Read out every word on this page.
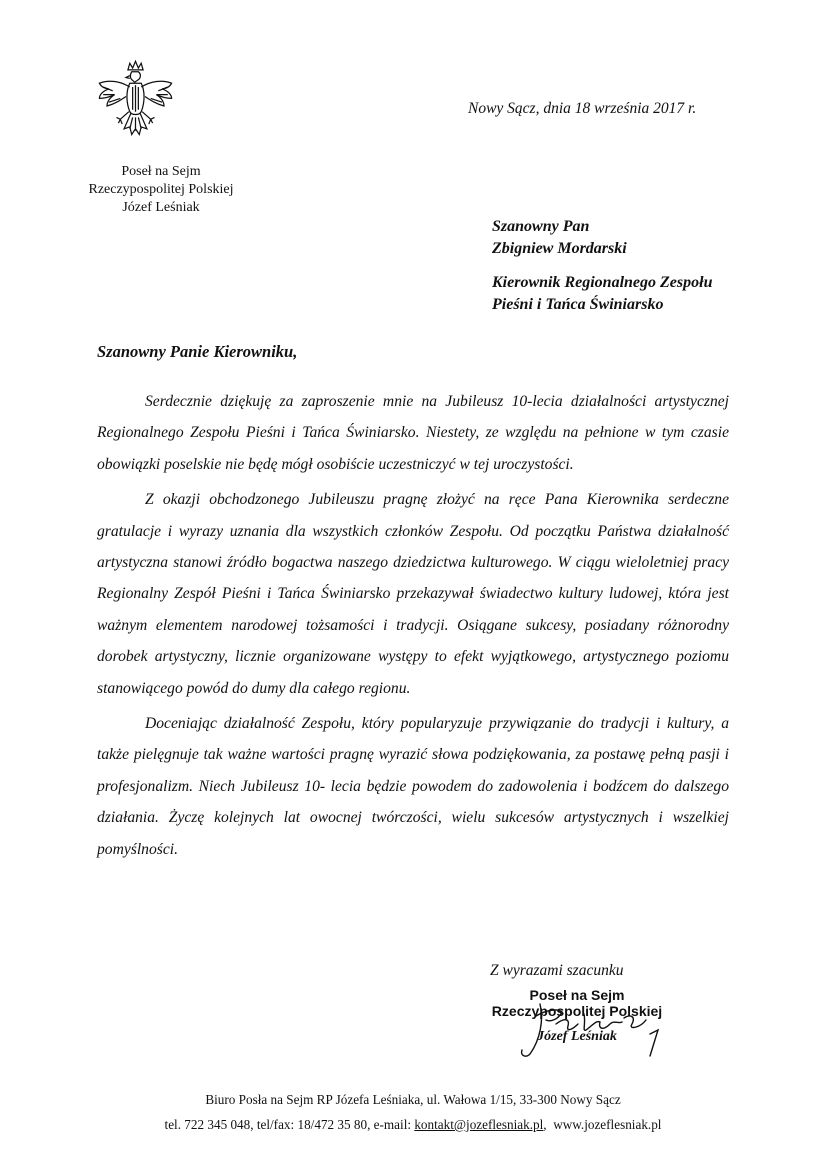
Poseł na Sejm
Rzeczypospolitej Polskiej
Józef Leśniak
Nowy Sącz, dnia 18 września 2017 r.
Szanowny Pan
Zbigniew Mordarski
Kierownik Regionalnego Zespołu
Pieśni i Tańca Świniarsko
Szanowny Panie Kierowniku,

Serdecznie dziękuję za zaproszenie mnie na Jubileusz 10-lecia działalności artystycznej Regionalnego Zespołu Pieśni i Tańca Świniarsko. Niestety, ze względu na pełnione w tym czasie obowiązki poselskie nie będę mógł osobiście uczestniczyć w tej uroczystości.

Z okazji obchodzonego Jubileuszu pragnę złożyć na ręce Pana Kierownika serdeczne gratulacje i wyrazy uznania dla wszystkich członków Zespołu. Od początku Państwa działalność artystyczna stanowi źródło bogactwa naszego dziedzictwa kulturowego. W ciągu wieloletniej pracy Regionalny Zespół Pieśni i Tańca Świniarsko przekazywał świadectwo kultury ludowej, która jest ważnym elementem narodowej tożsamości i tradycji. Osiągane sukcesy, posiadany różnorodny dorobek artystyczny, licznie organizowane występy to efekt wyjątkowego, artystycznego poziomu stanowiącego powód do dumy dla całego regionu.

Doceniając działalność Zespołu, który popularyzuje przywiązanie do tradycji i kultury, a także pielęgnuje tak ważne wartości pragnę wyrazić słowa podziękowania, za postawę pełną pasji i profesjonalizm. Niech Jubileusz 10- lecia będzie powodem do zadowolenia i bodźcem do dalszego działania. Życzę kolejnych lat owocnej twórczości, wielu sukcesów artystycznych i wszelkiej pomyślności.

Z wyrazami szacunku
Poseł na Sejm
Rzeczypospolitej Polskiej
Józef Leśniak
Biuro Posła na Sejm RP Józefa Leśniaka, ul. Wałowa 1/15, 33-300 Nowy Sącz
tel. 722 345 048, tel/fax: 18/472 35 80, e-mail: kontakt@jozeflesniak.pl,  www.jozeflesniak.pl
